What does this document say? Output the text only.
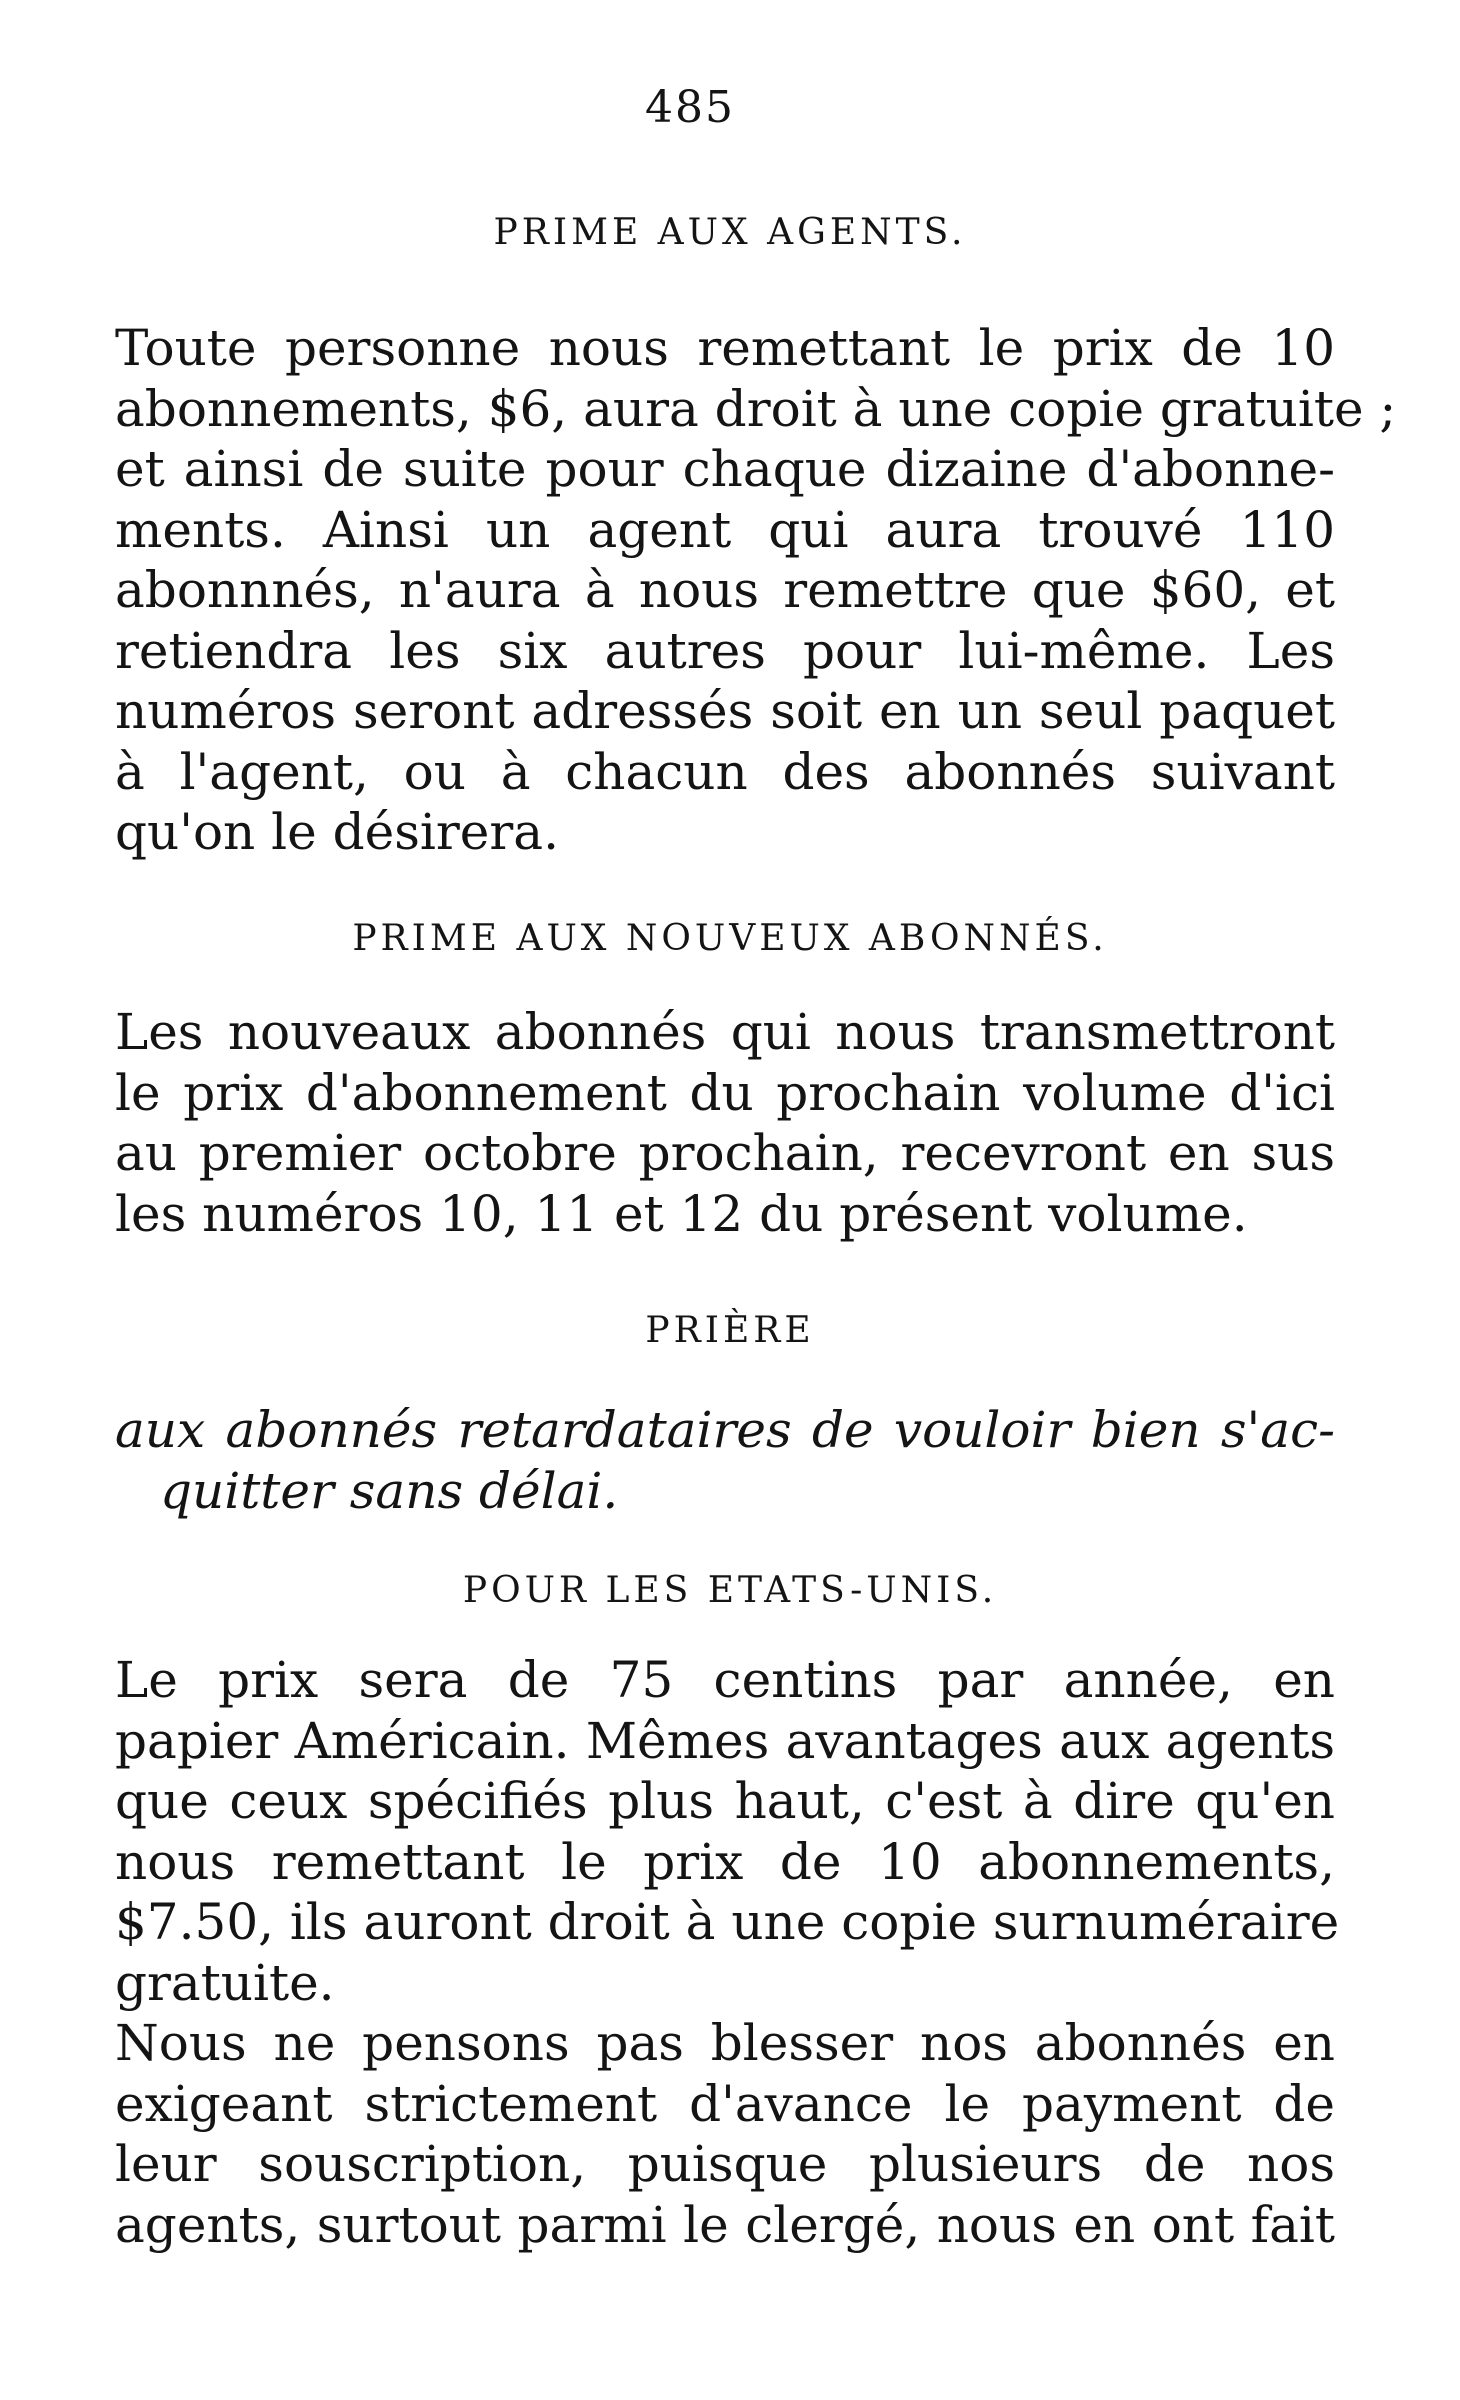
485
PRIME AUX AGENTS.
Toute personne nous remettant le prix de 10
abonnements, $6, aura droit à une copie gratuite ;
et ainsi de suite pour chaque dizaine d'abonne-
ments. Ainsi un agent qui aura trouvé 110
abonnnés, n'aura à nous remettre que $60, et
retiendra les six autres pour lui-même. Les
numéros seront adressés soit en un seul paquet
à l'agent, ou à chacun des abonnés suivant
qu'on le désirera.
PRIME AUX NOUVEUX ABONNÉS.
Les nouveaux abonnés qui nous transmettront
le prix d'abonnement du prochain volume d'ici
au premier octobre prochain, recevront en sus
les numéros 10, 11 et 12 du présent volume.
PRIÈRE
aux abonnés retardataires de vouloir bien s'ac-
quitter sans délai.
POUR LES ETATS-UNIS.
Le prix sera de 75 centins par année, en
papier Américain. Mêmes avantages aux agents
que ceux spécifiés plus haut, c'est à dire qu'en
nous remettant le prix de 10 abonnements,
$7.50, ils auront droit à une copie surnuméraire
gratuite.
Nous ne pensons pas blesser nos abonnés en
exigeant strictement d'avance le payment de
leur souscription, puisque plusieurs de nos
agents, surtout parmi le clergé, nous en ont fait
